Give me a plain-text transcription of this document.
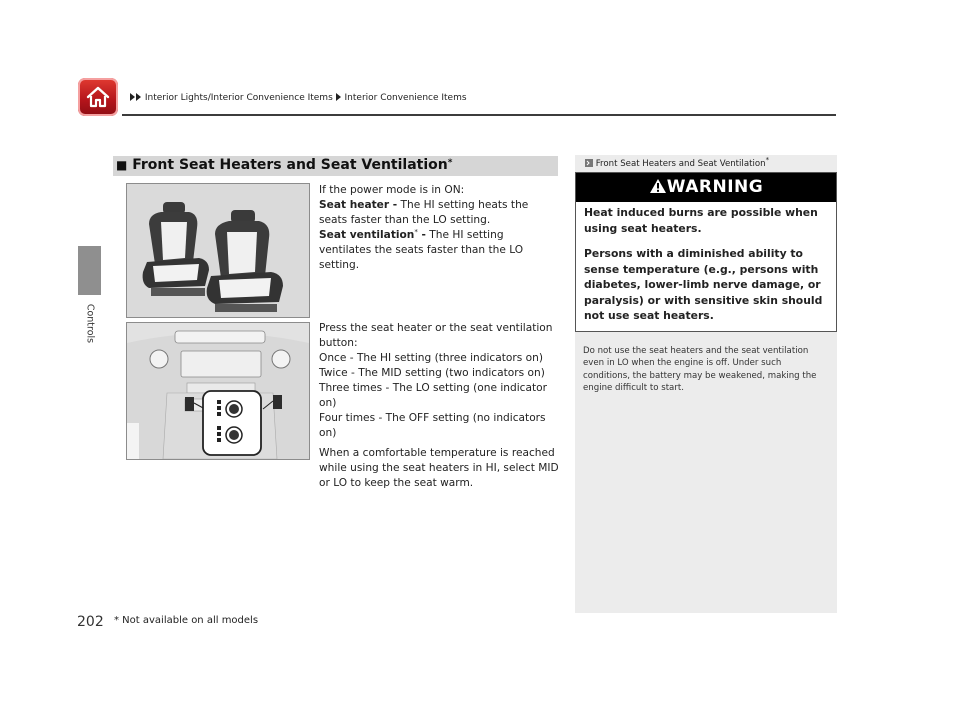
Interior Lights/Interior Convenience Items Interior Convenience Items
Controls
■ Front Seat Heaters and Seat Ventilation*
If the power mode is in ON:
Seat heater - The HI setting heats the seats faster than the LO setting.
Seat ventilation* - The HI setting ventilates the seats faster than the LO setting.
Press the seat heater or the seat ventilation button:
Once - The HI setting (three indicators on)
Twice - The MID setting (two indicators on)
Three times - The LO setting (one indicator on)
Four times - The OFF setting (no indicators on)
When a comfortable temperature is reached while using the seat heaters in HI, select MID or LO to keep the seat warm.
Front Seat Heaters and Seat Ventilation*
WARNING

Heat induced burns are possible when using seat heaters.

Persons with a diminished ability to sense temperature (e.g., persons with diabetes, lower-limb nerve damage, or paralysis) or with sensitive skin should not use seat heaters.

Do not use the seat heaters and the seat ventilation even in LO when the engine is off. Under such conditions, the battery may be weakened, making the engine difficult to start.
202 * Not available on all models
